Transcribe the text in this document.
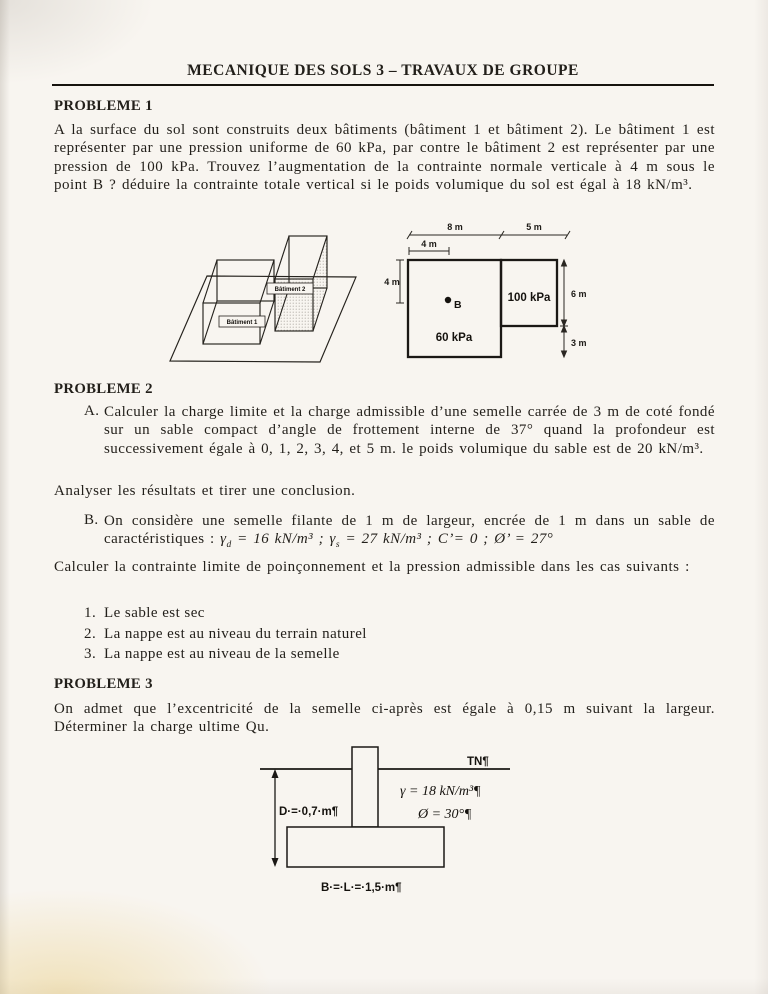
MECANIQUE DES SOLS 3 – TRAVAUX DE GROUPE
PROBLEME 1
A la surface du sol sont construits deux bâtiments (bâtiment 1 et bâtiment 2). Le bâtiment 1 est représenter par une pression uniforme de 60 kPa, par contre le bâtiment 2 est représenter par une pression de 100 kPa. Trouvez l’augmentation de la contrainte normale verticale à 4 m sous le point B ? déduire la contrainte totale vertical si le poids volumique du sol est égal à 18 kN/m³.
Bâtiment 2
Bâtiment 1
8 m	5 m
4 m
4 m
B
100 kPa
60 kPa
6 m
3 m
PROBLEME 2
A. Calculer la charge limite et la charge admissible d’une semelle carrée de 3 m de coté fondé sur un sable compact d’angle de frottement interne de 37° quand la profondeur est successivement égale à 0, 1, 2, 3, 4, et 5 m. le poids volumique du sable est de 20 kN/m³.
Analyser les résultats et tirer une conclusion.
B. On considère une semelle filante de 1 m de largeur, encrée de 1 m dans un sable de caractéristiques : $\gamma_d = 16$ kN/m³ ; $\gamma_s = 27$ kN/m³ ; C’= 0 ; Ø’ = 27°
Calculer la contrainte limite de poinçonnement et la pression admissible dans les cas suivants :
1. Le sable est sec
2. La nappe est au niveau du terrain naturel
3. La nappe est au niveau de la semelle
PROBLEME 3
On admet que l’excentricité de la semelle ci-après est égale à 0,15 m suivant la largeur. Déterminer la charge ultime Qu.
TN¶
D·=·0,7·m¶
γ = 18 kN/m³¶
Ø = 30°¶
B·=·L·=·1,5·m¶
